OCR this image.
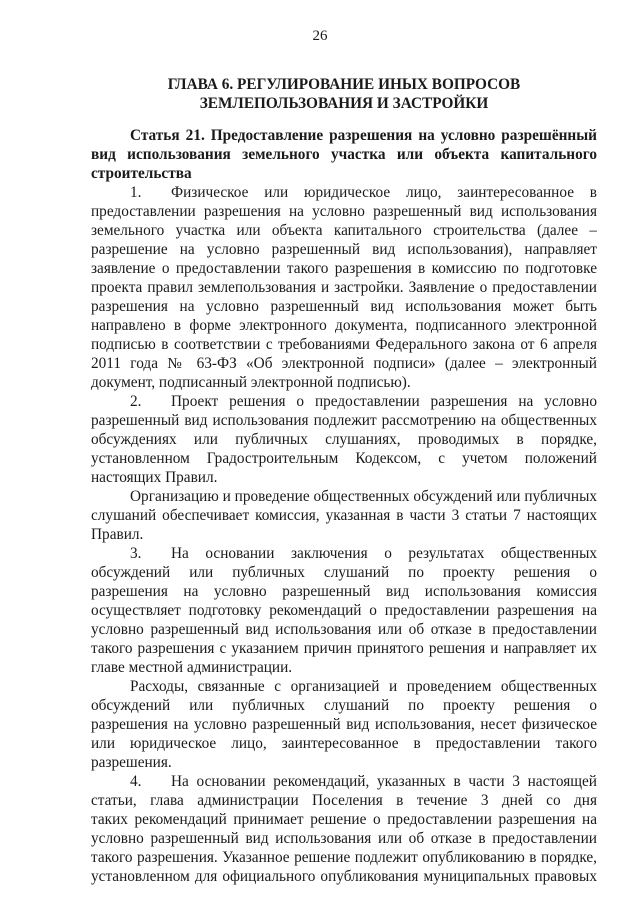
26
ГЛАВА 6. РЕГУЛИРОВАНИЕ ИНЫХ ВОПРОСОВ
ЗЕМЛЕПОЛЬЗОВАНИЯ И ЗАСТРОЙКИ
Статья 21. Предоставление разрешения на условно разрешённый
вид использования земельного участка или объекта капитального
строительства
1. Физическое или юридическое лицо, заинтересованное в
предоставлении разрешения на условно разрешенный вид использования
земельного участка или объекта капитального строительства (далее –
разрешение на условно разрешенный вид использования), направляет
заявление о предоставлении такого разрешения в комиссию по подготовке
проекта правил землепользования и застройки. Заявление о предоставлении
разрешения на условно разрешенный вид использования может быть
направлено в форме электронного документа, подписанного электронной
подписью в соответствии с требованиями Федерального закона от 6 апреля
2011 года № 63-ФЗ «Об электронной подписи» (далее – электронный
документ, подписанный электронной подписью).
2. Проект решения о предоставлении разрешения на условно
разрешенный вид использования подлежит рассмотрению на общественных
обсуждениях или публичных слушаниях, проводимых в порядке,
установленном Градостроительным Кодексом, с учетом положений
настоящих Правил.
Организацию и проведение общественных обсуждений или публичных
слушаний обеспечивает комиссия, указанная в части 3 статьи 7 настоящих
Правил.
3. На основании заключения о результатах общественных
обсуждений или публичных слушаний по проекту решения о
разрешения на условно разрешенный вид использования комиссия
осуществляет подготовку рекомендаций о предоставлении разрешения на
условно разрешенный вид использования или об отказе в предоставлении
такого разрешения с указанием причин принятого решения и направляет их
главе местной администрации.
Расходы, связанные с организацией и проведением общественных
обсуждений или публичных слушаний по проекту решения о
разрешения на условно разрешенный вид использования, несет физическое
или юридическое лицо, заинтересованное в предоставлении такого
разрешения.
4. На основании рекомендаций, указанных в части 3 настоящей
статьи, глава администрации Поселения в течение 3 дней со дня
таких рекомендаций принимает решение о предоставлении разрешения на
условно разрешенный вид использования или об отказе в предоставлении
такого разрешения. Указанное решение подлежит опубликованию в порядке,
установленном для официального опубликования муниципальных правовых
